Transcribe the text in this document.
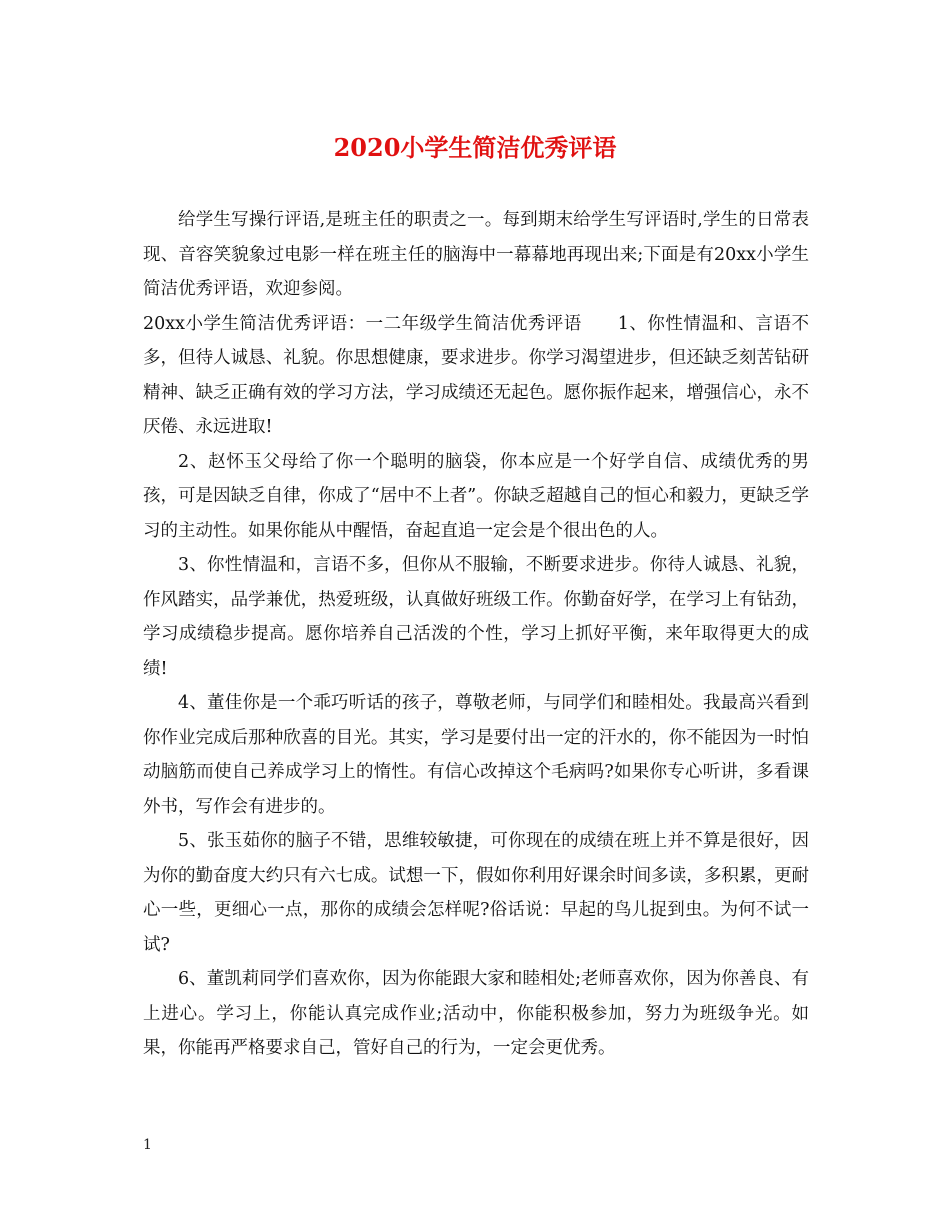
2020小学生简洁优秀评语

给学生写操行评语,是班主任的职责之一。每到期末给学生写评语时,学生的日常表现、音容笑貌象过电影一样在班主任的脑海中一幕幕地再现出来;下面是有20xx小学生简洁优秀评语，欢迎参阅。

20xx小学生简洁优秀评语：一二年级学生简洁优秀评语　　1、你性情温和、言语不多，但待人诚恳、礼貌。你思想健康，要求进步。你学习渴望进步，但还缺乏刻苦钻研精神、缺乏正确有效的学习方法，学习成绩还无起色。愿你振作起来，增强信心，永不厌倦、永远进取!

2、赵怀玉父母给了你一个聪明的脑袋，你本应是一个好学自信、成绩优秀的男孩，可是因缺乏自律，你成了“居中不上者”。你缺乏超越自己的恒心和毅力，更缺乏学习的主动性。如果你能从中醒悟，奋起直追一定会是个很出色的人。

3、你性情温和，言语不多，但你从不服输，不断要求进步。你待人诚恳、礼貌，作风踏实，品学兼优，热爱班级，认真做好班级工作。你勤奋好学，在学习上有钻劲，学习成绩稳步提高。愿你培养自己活泼的个性，学习上抓好平衡，来年取得更大的成绩!

4、董佳你是一个乖巧听话的孩子，尊敬老师，与同学们和睦相处。我最高兴看到你作业完成后那种欣喜的目光。其实，学习是要付出一定的汗水的，你不能因为一时怕动脑筋而使自己养成学习上的惰性。有信心改掉这个毛病吗?如果你专心听讲，多看课外书，写作会有进步的。

5、张玉茹你的脑子不错，思维较敏捷，可你现在的成绩在班上并不算是很好，因为你的勤奋度大约只有六七成。试想一下，假如你利用好课余时间多读，多积累，更耐心一些，更细心一点，那你的成绩会怎样呢?俗话说：早起的鸟儿捉到虫。为何不试一试?

6、董凯莉同学们喜欢你，因为你能跟大家和睦相处;老师喜欢你，因为你善良、有上进心。学习上，你能认真完成作业;活动中，你能积极参加，努力为班级争光。如果，你能再严格要求自己，管好自己的行为，一定会更优秀。

1
